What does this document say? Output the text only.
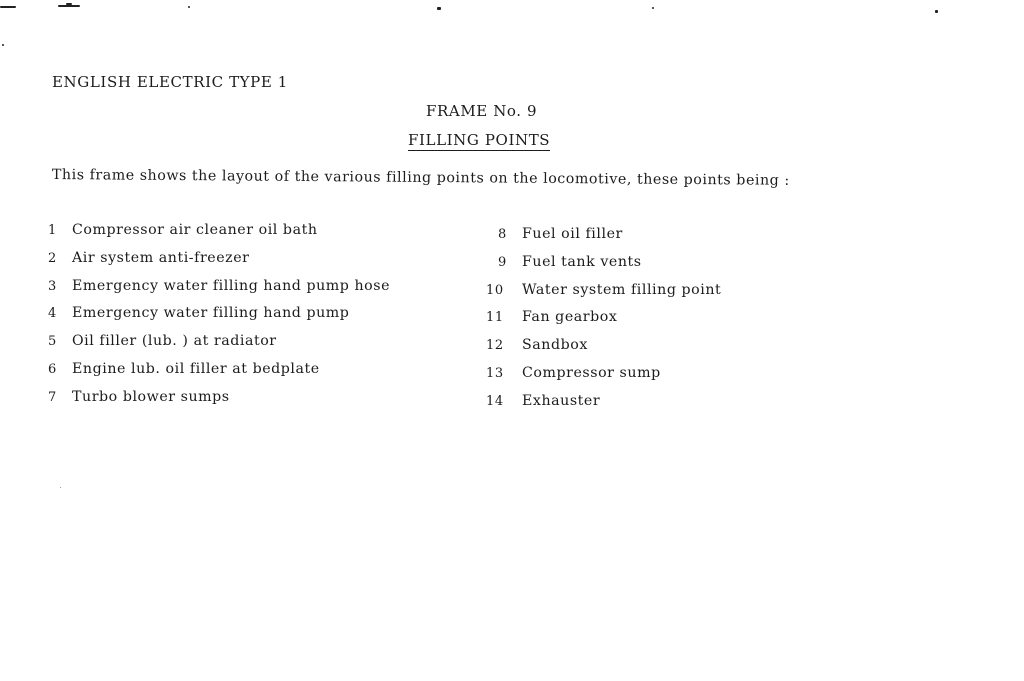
ENGLISH ELECTRIC TYPE 1
FRAME No. 9
FILLING POINTS
This frame shows the layout of the various filling points on the locomotive, these points being :
1	Compressor air cleaner oil bath
2	Air system anti-freezer
3	Emergency water filling hand pump hose
4	Emergency water filling hand pump
5	Oil filler (lub. ) at radiator
6	Engine lub. oil filler at bedplate
7	Turbo blower sumps
8	Fuel oil filler
9	Fuel tank vents
10	Water system filling point
11	Fan gearbox
12	Sandbox
13	Compressor sump
14	Exhauster
